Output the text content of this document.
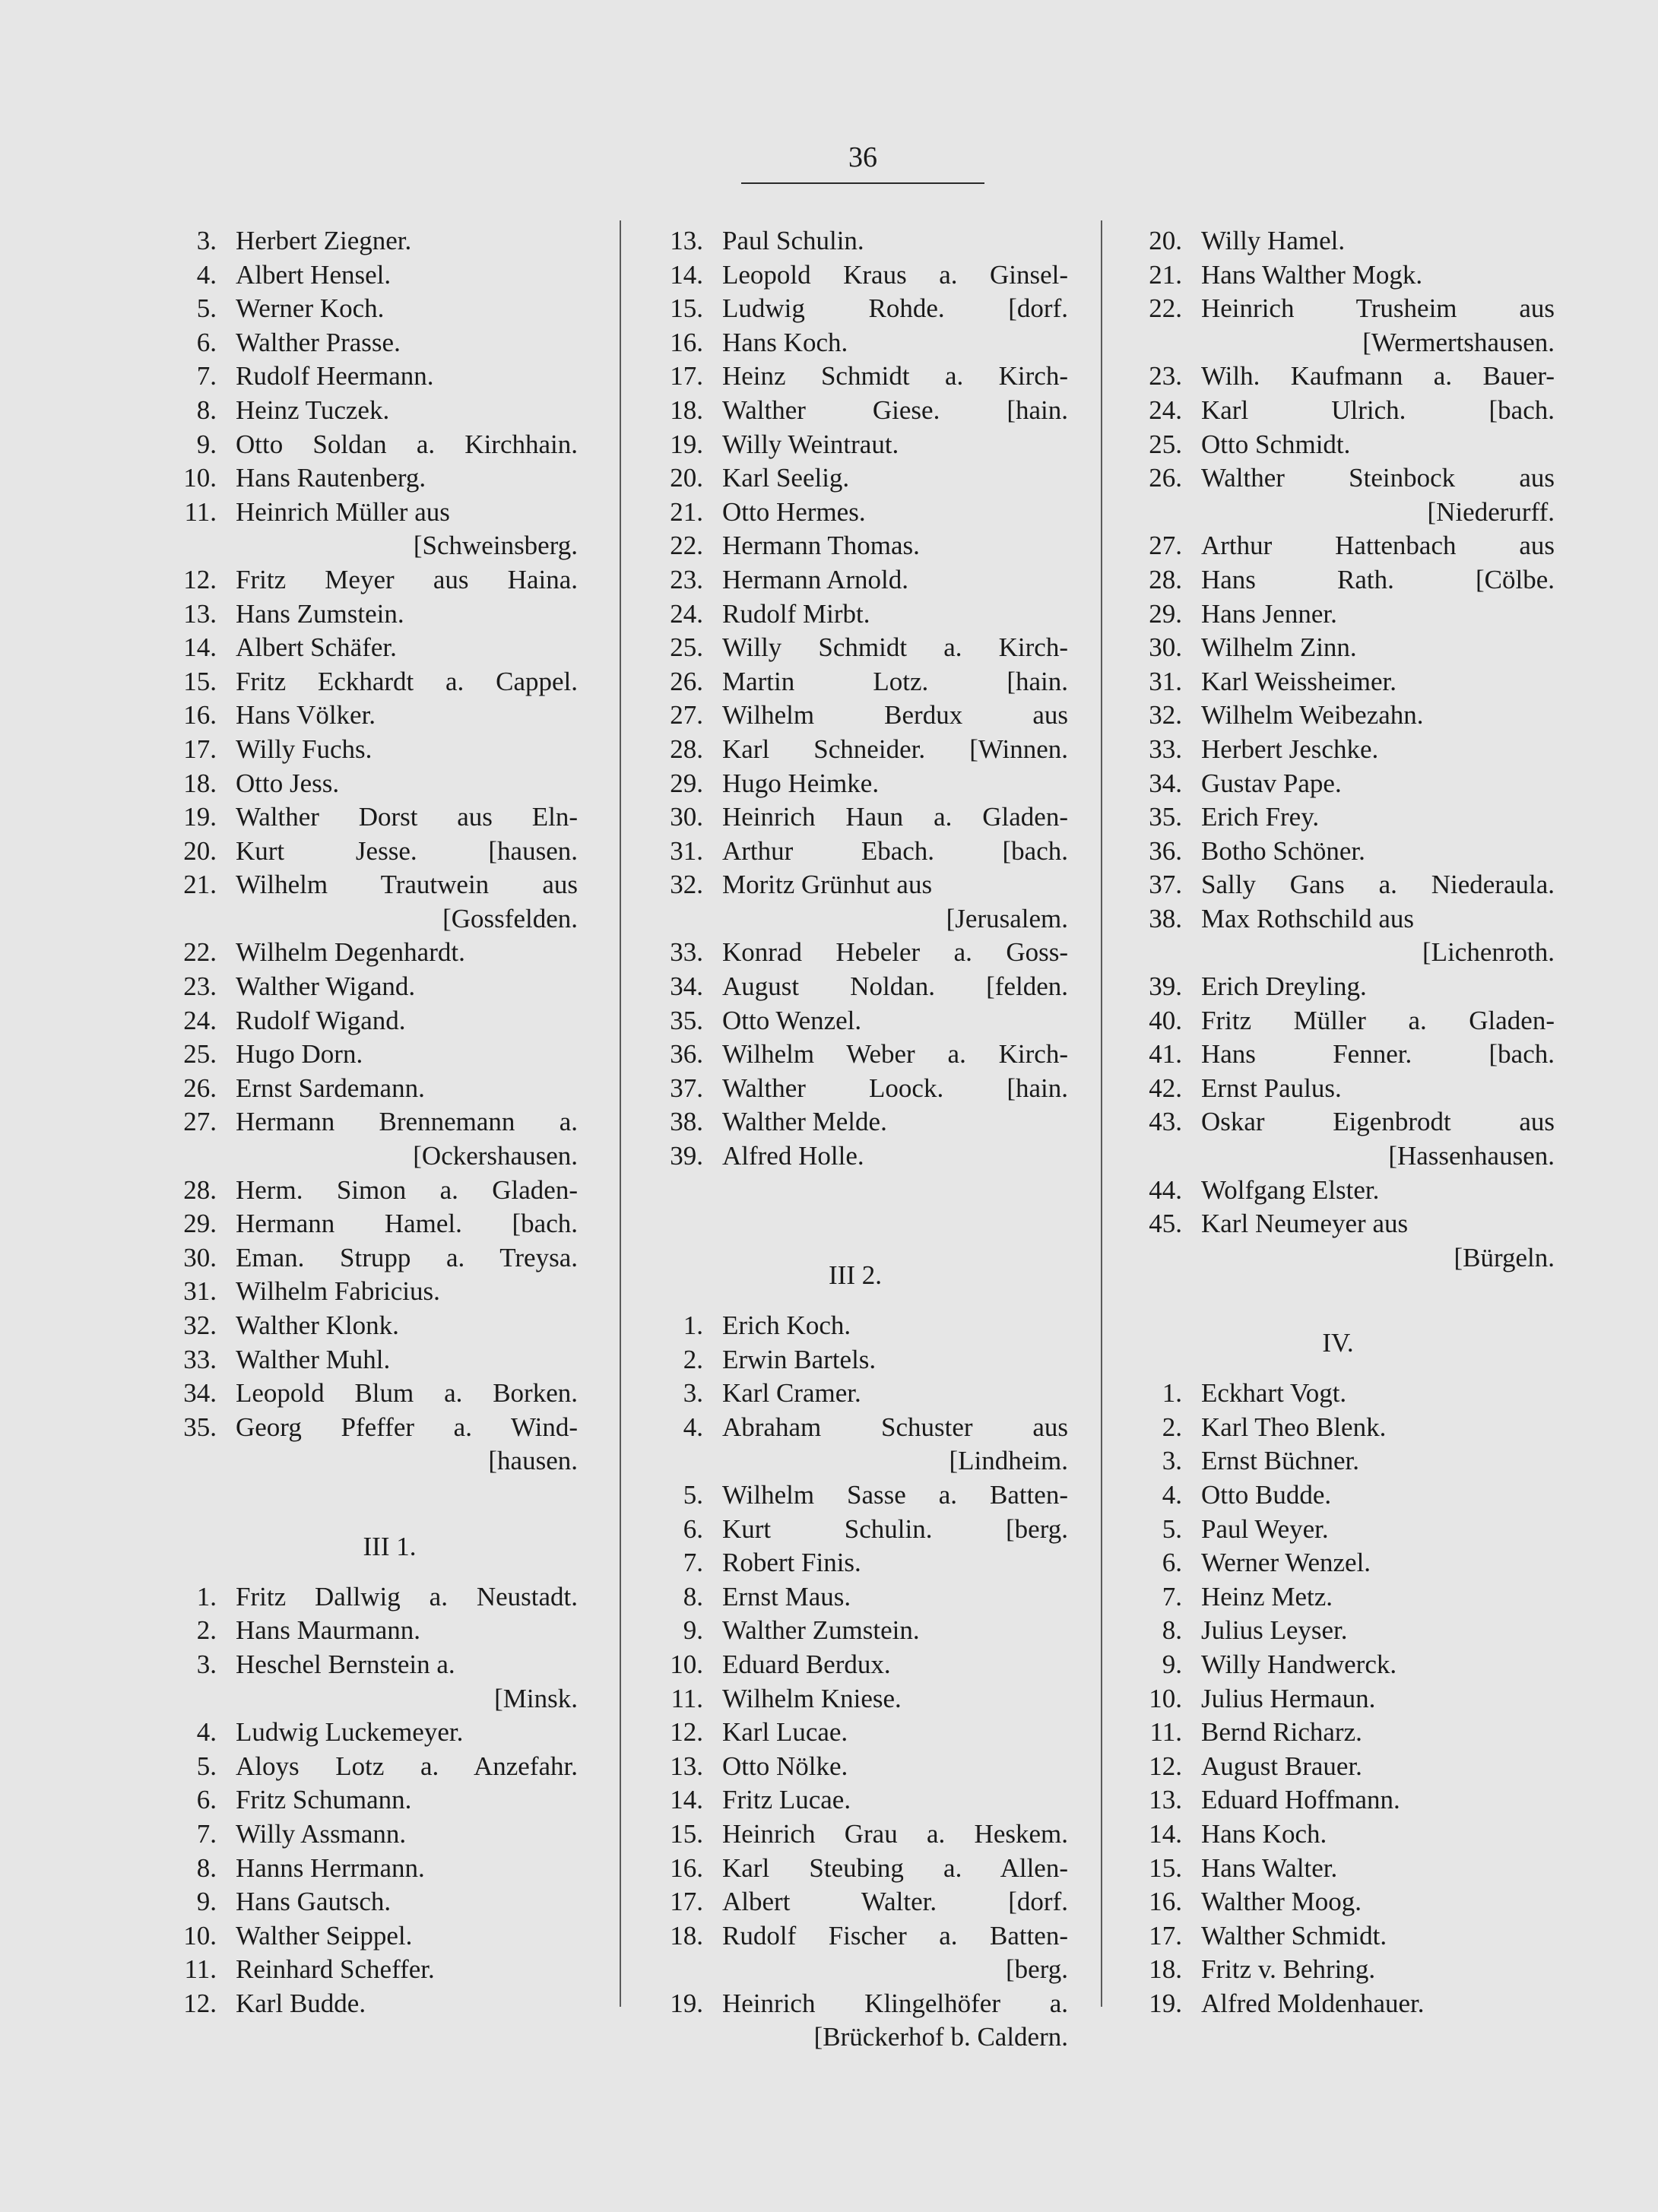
36
3. Herbert Ziegner.
4. Albert Hensel.
5. Werner Koch.
6. Walther Prasse.
7. Rudolf Heermann.
8. Heinz Tuczek.
9. Otto Soldan a. Kirchhain.
10. Hans Rautenberg.
11. Heinrich Müller aus
[Schweinsberg.
12. Fritz Meyer aus Haina.
13. Hans Zumstein.
14. Albert Schäfer.
15. Fritz Eckhardt a. Cappel.
16. Hans Völker.
17. Willy Fuchs.
18. Otto Jess.
19. Walther Dorst aus Eln-
20. Kurt Jesse. [hausen.
21. Wilhelm Trautwein aus
[Gossfelden.
22. Wilhelm Degenhardt.
23. Walther Wigand.
24. Rudolf Wigand.
25. Hugo Dorn.
26. Ernst Sardemann.
27. Hermann Brennemann a.
[Ockershausen.
28. Herm. Simon a. Gladen-
29. Hermann Hamel. [bach.
30. Eman. Strupp a. Treysa.
31. Wilhelm Fabricius.
32. Walther Klonk.
33. Walther Muhl.
34. Leopold Blum a. Borken.
35. Georg Pfeffer a. Wind-
[hausen.
III 1.
1. Fritz Dallwig a. Neustadt.
2. Hans Maurmann.
3. Heschel Bernstein a.
[Minsk.
4. Ludwig Luckemeyer.
5. Aloys Lotz a. Anzefahr.
6. Fritz Schumann.
7. Willy Assmann.
8. Hanns Herrmann.
9. Hans Gautsch.
10. Walther Seippel.
11. Reinhard Scheffer.
12. Karl Budde.
13. Paul Schulin.
14. Leopold Kraus a. Ginsel-
15. Ludwig Rohde. [dorf.
16. Hans Koch.
17. Heinz Schmidt a. Kirch-
18. Walther Giese. [hain.
19. Willy Weintraut.
20. Karl Seelig.
21. Otto Hermes.
22. Hermann Thomas.
23. Hermann Arnold.
24. Rudolf Mirbt.
25. Willy Schmidt a. Kirch-
26. Martin Lotz. [hain.
27. Wilhelm Berdux aus
28. Karl Schneider. [Winnen.
29. Hugo Heimke.
30. Heinrich Haun a. Gladen-
31. Arthur Ebach. [bach.
32. Moritz Grünhut aus
[Jerusalem.
33. Konrad Hebeler a. Goss-
34. August Noldan. [felden.
35. Otto Wenzel.
36. Wilhelm Weber a. Kirch-
37. Walther Loock. [hain.
38. Walther Melde.
39. Alfred Holle.
III 2.
1. Erich Koch.
2. Erwin Bartels.
3. Karl Cramer.
4. Abraham Schuster aus
[Lindheim.
5. Wilhelm Sasse a. Batten-
6. Kurt Schulin. [berg.
7. Robert Finis.
8. Ernst Maus.
9. Walther Zumstein.
10. Eduard Berdux.
11. Wilhelm Kniese.
12. Karl Lucae.
13. Otto Nölke.
14. Fritz Lucae.
15. Heinrich Grau a. Heskem.
16. Karl Steubing a. Allen-
17. Albert Walter. [dorf.
18. Rudolf Fischer a. Batten-
[berg.
19. Heinrich Klingelhöfer a.
[Brückerhof b. Caldern.
20. Willy Hamel.
21. Hans Walther Mogk.
22. Heinrich Trusheim aus
[Wermertshausen.
23. Wilh. Kaufmann a. Bauer-
24. Karl Ulrich. [bach.
25. Otto Schmidt.
26. Walther Steinbock aus
[Niederurff.
27. Arthur Hattenbach aus
28. Hans Rath. [Cölbe.
29. Hans Jenner.
30. Wilhelm Zinn.
31. Karl Weissheimer.
32. Wilhelm Weibezahn.
33. Herbert Jeschke.
34. Gustav Pape.
35. Erich Frey.
36. Botho Schöner.
37. Sally Gans a. Niederaula.
38. Max Rothschild aus
[Lichenroth.
39. Erich Dreyling.
40. Fritz Müller a. Gladen-
41. Hans Fenner. [bach.
42. Ernst Paulus.
43. Oskar Eigenbrodt aus
[Hassenhausen.
44. Wolfgang Elster.
45. Karl Neumeyer aus
[Bürgeln.
IV.
1. Eckhart Vogt.
2. Karl Theo Blenk.
3. Ernst Büchner.
4. Otto Budde.
5. Paul Weyer.
6. Werner Wenzel.
7. Heinz Metz.
8. Julius Leyser.
9. Willy Handwerck.
10. Julius Hermaun.
11. Bernd Richarz.
12. August Brauer.
13. Eduard Hoffmann.
14. Hans Koch.
15. Hans Walter.
16. Walther Moog.
17. Walther Schmidt.
18. Fritz v. Behring.
19. Alfred Moldenhauer.
